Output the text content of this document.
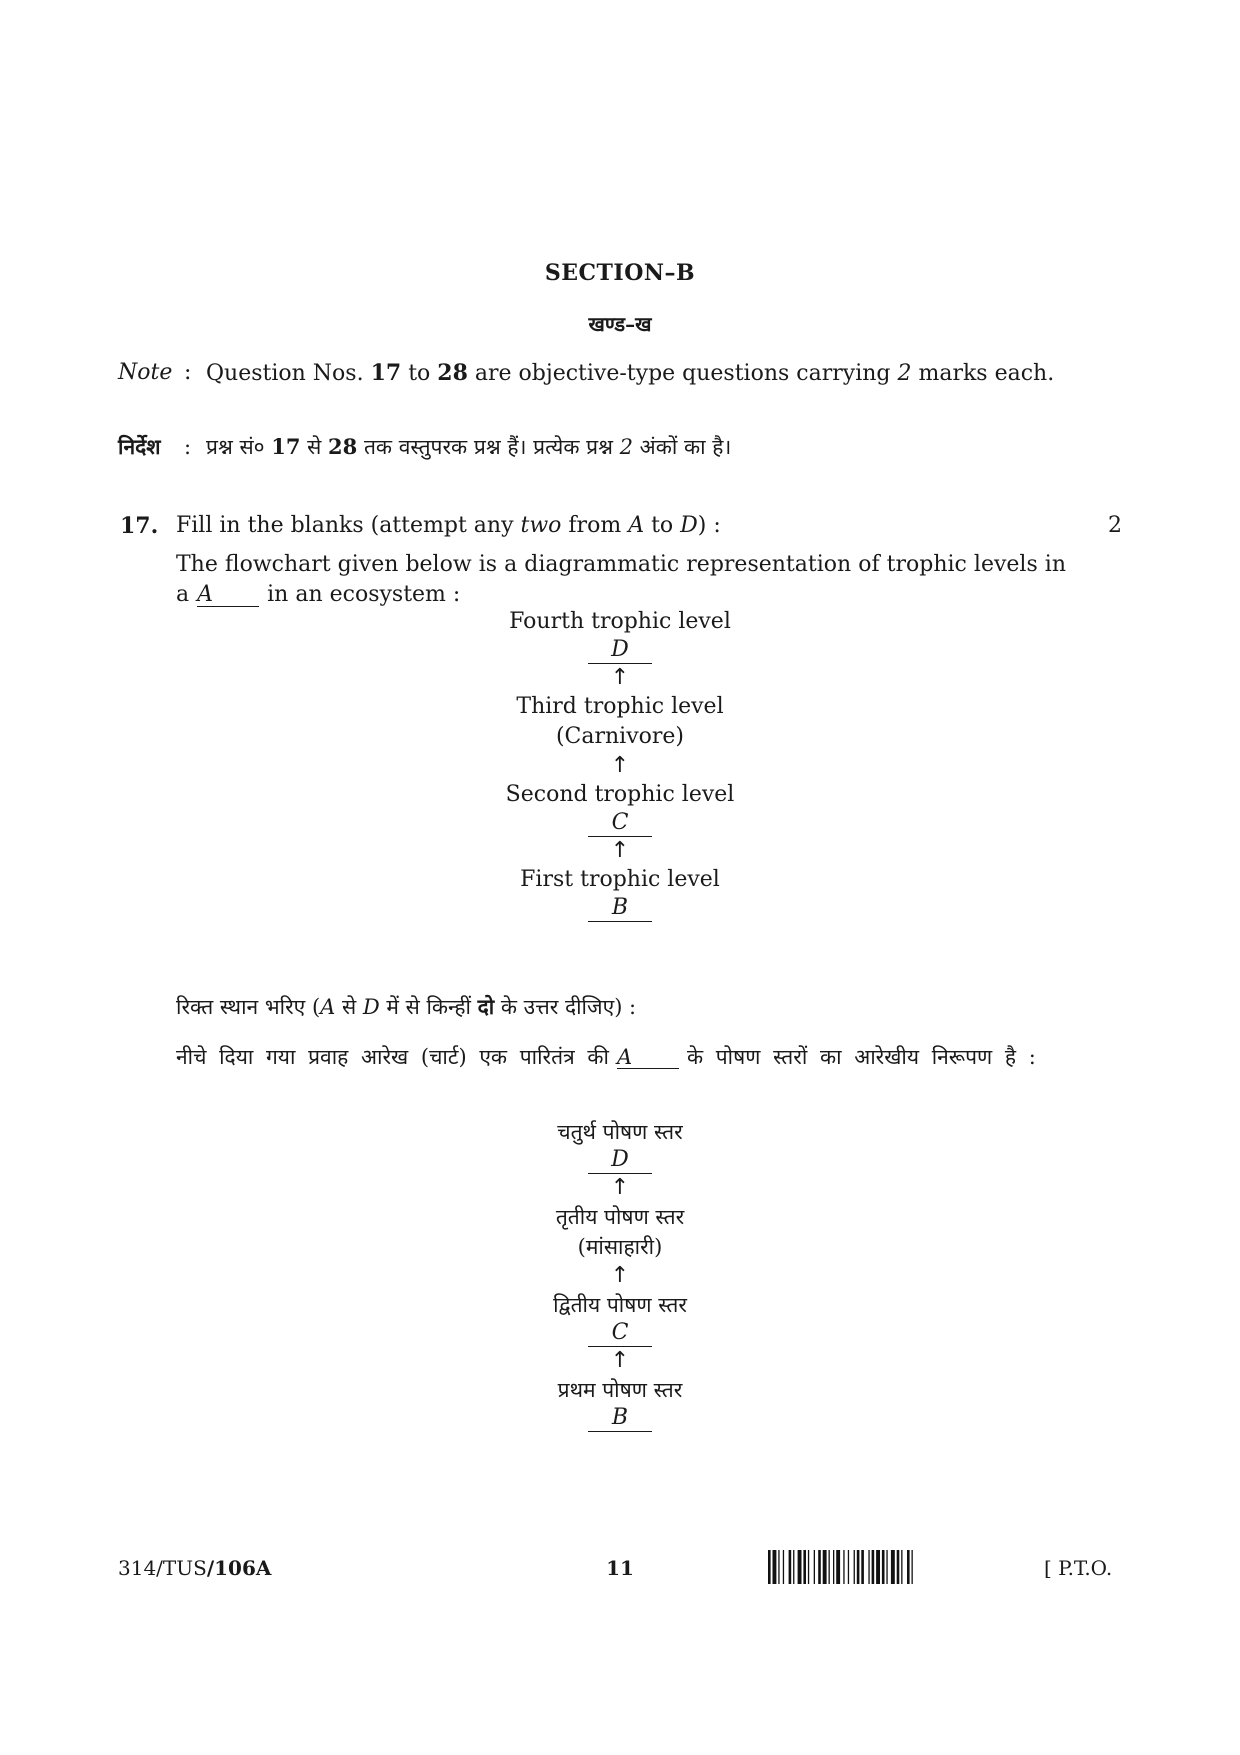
SECTION–B
खण्ड–ख
Note : Question Nos. 17 to 28 are objective-type questions carrying 2 marks each.
निर्देश : प्रश्न सं० 17 से 28 तक वस्तुपरक प्रश्न हैं। प्रत्येक प्रश्न 2 अंकों का है।
17.	2
Fill in the blanks (attempt any two from A to D) :
The flowchart given below is a diagrammatic representation of trophic levels in a A in an ecosystem :
Fourth trophic level
D
↑
Third trophic level
(Carnivore)
↑
Second trophic level
C
↑
First trophic level
B
रिक्त स्थान भरिए (A से D में से किन्हीं दो के उत्तर दीजिए) :
नीचे दिया गया प्रवाह आरेख (चार्ट) एक पारितंत्र की A	के पोषण स्तरों का आरेखीय निरूपण है :
चतुर्थ पोषण स्तर
D
↑
तृतीय पोषण स्तर
(मांसाहारी)
↑
द्वितीय पोषण स्तर
C
↑
प्रथम पोषण स्तर
B
314/TUS/106A	11	[ P.T.O.
